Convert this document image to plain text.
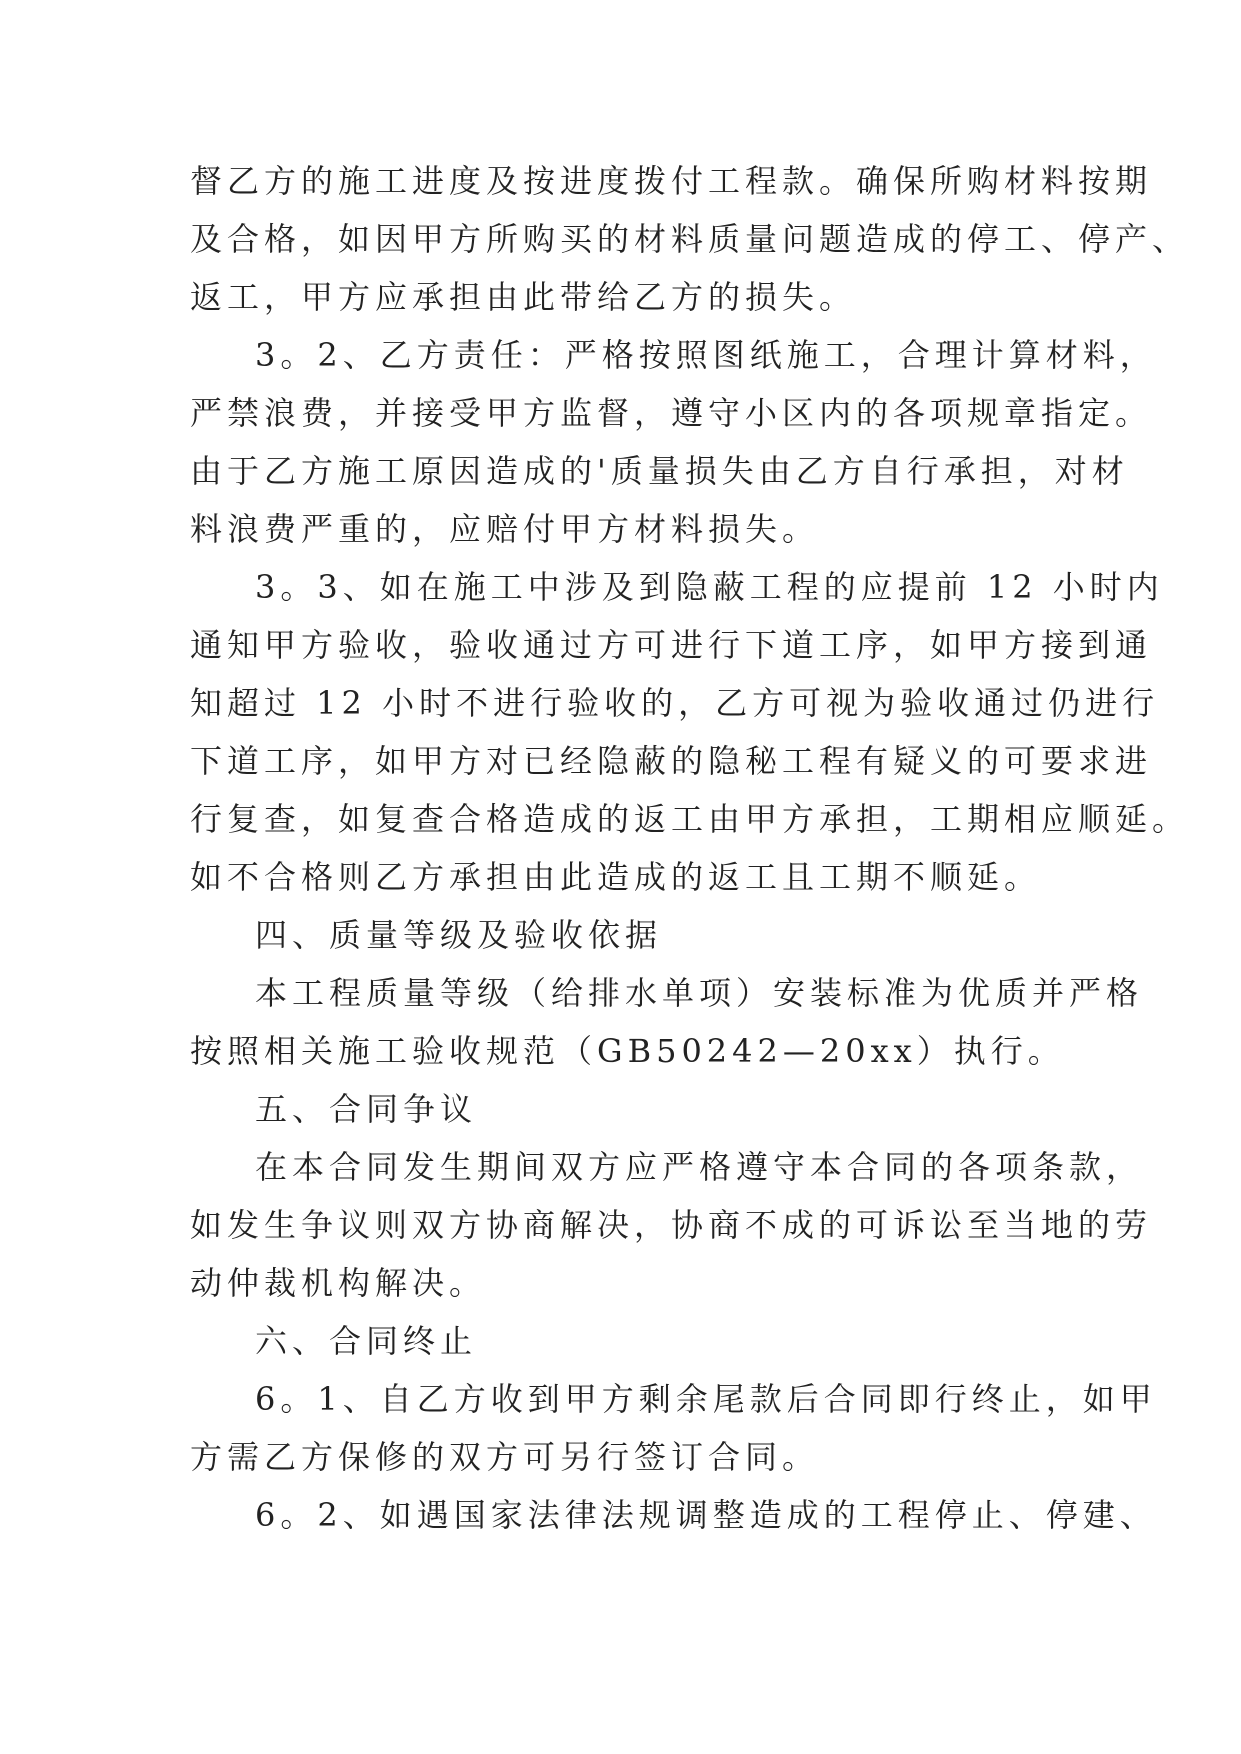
督乙方的施工进度及按进度拨付工程款。确保所购材料按期
及合格，如因甲方所购买的材料质量问题造成的停工、停产、
返工，甲方应承担由此带给乙方的损失。
3。2、乙方责任：严格按照图纸施工，合理计算材料，
严禁浪费，并接受甲方监督，遵守小区内的各项规章指定。
由于乙方施工原因造成的'质量损失由乙方自行承担，对材
料浪费严重的，应赔付甲方材料损失。
3。3、如在施工中涉及到隐蔽工程的应提前 12 小时内
通知甲方验收，验收通过方可进行下道工序，如甲方接到通
知超过 12 小时不进行验收的，乙方可视为验收通过仍进行
下道工序，如甲方对已经隐蔽的隐秘工程有疑义的可要求进
行复查，如复查合格造成的返工由甲方承担，工期相应顺延。
如不合格则乙方承担由此造成的返工且工期不顺延。
四、质量等级及验收依据
本工程质量等级（给排水单项）安装标准为优质并严格
按照相关施工验收规范（GB50242—20xx）执行。
五、合同争议
在本合同发生期间双方应严格遵守本合同的各项条款，
如发生争议则双方协商解决，协商不成的可诉讼至当地的劳
动仲裁机构解决。
六、合同终止
6。1、自乙方收到甲方剩余尾款后合同即行终止，如甲
方需乙方保修的双方可另行签订合同。
6。2、如遇国家法律法规调整造成的工程停止、停建、
